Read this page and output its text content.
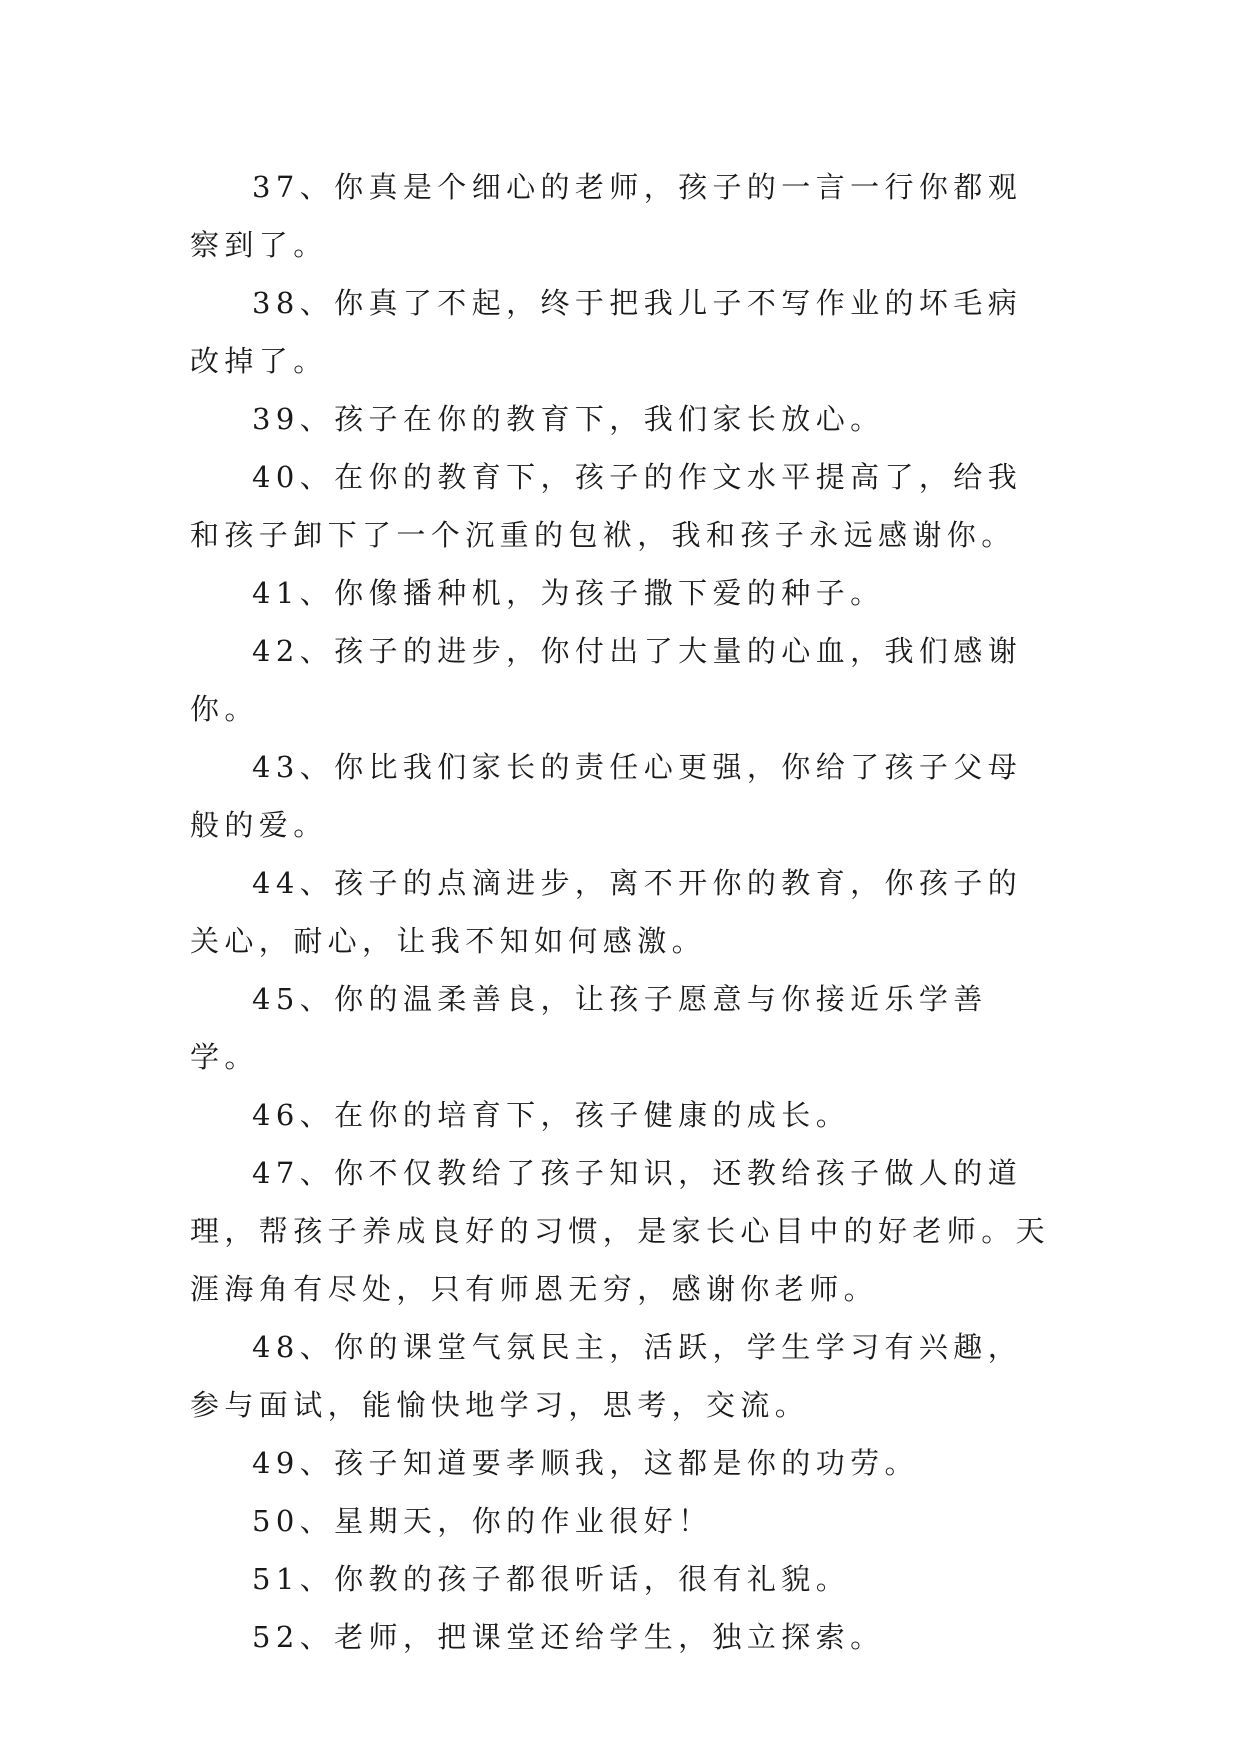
37、你真是个细心的老师，孩子的一言一行你都观察到了。

38、你真了不起，终于把我儿子不写作业的坏毛病改掉了。

39、孩子在你的教育下，我们家长放心。

40、在你的教育下，孩子的作文水平提高了，给我和孩子卸下了一个沉重的包袱，我和孩子永远感谢你。

41、你像播种机，为孩子撒下爱的种子。

42、孩子的进步，你付出了大量的心血，我们感谢你。

43、你比我们家长的责任心更强，你给了孩子父母般的爱。

44、孩子的点滴进步，离不开你的教育，你孩子的关心，耐心，让我不知如何感激。

45、你的温柔善良，让孩子愿意与你接近乐学善学。

46、在你的培育下，孩子健康的成长。

47、你不仅教给了孩子知识，还教给孩子做人的道理，帮孩子养成良好的习惯，是家长心目中的好老师。天涯海角有尽处，只有师恩无穷，感谢你老师。

48、你的课堂气氛民主，活跃，学生学习有兴趣，参与面试，能愉快地学习，思考，交流。

49、孩子知道要孝顺我，这都是你的功劳。

50、星期天，你的作业很好！

51、你教的孩子都很听话，很有礼貌。

52、老师，把课堂还给学生，独立探索。
